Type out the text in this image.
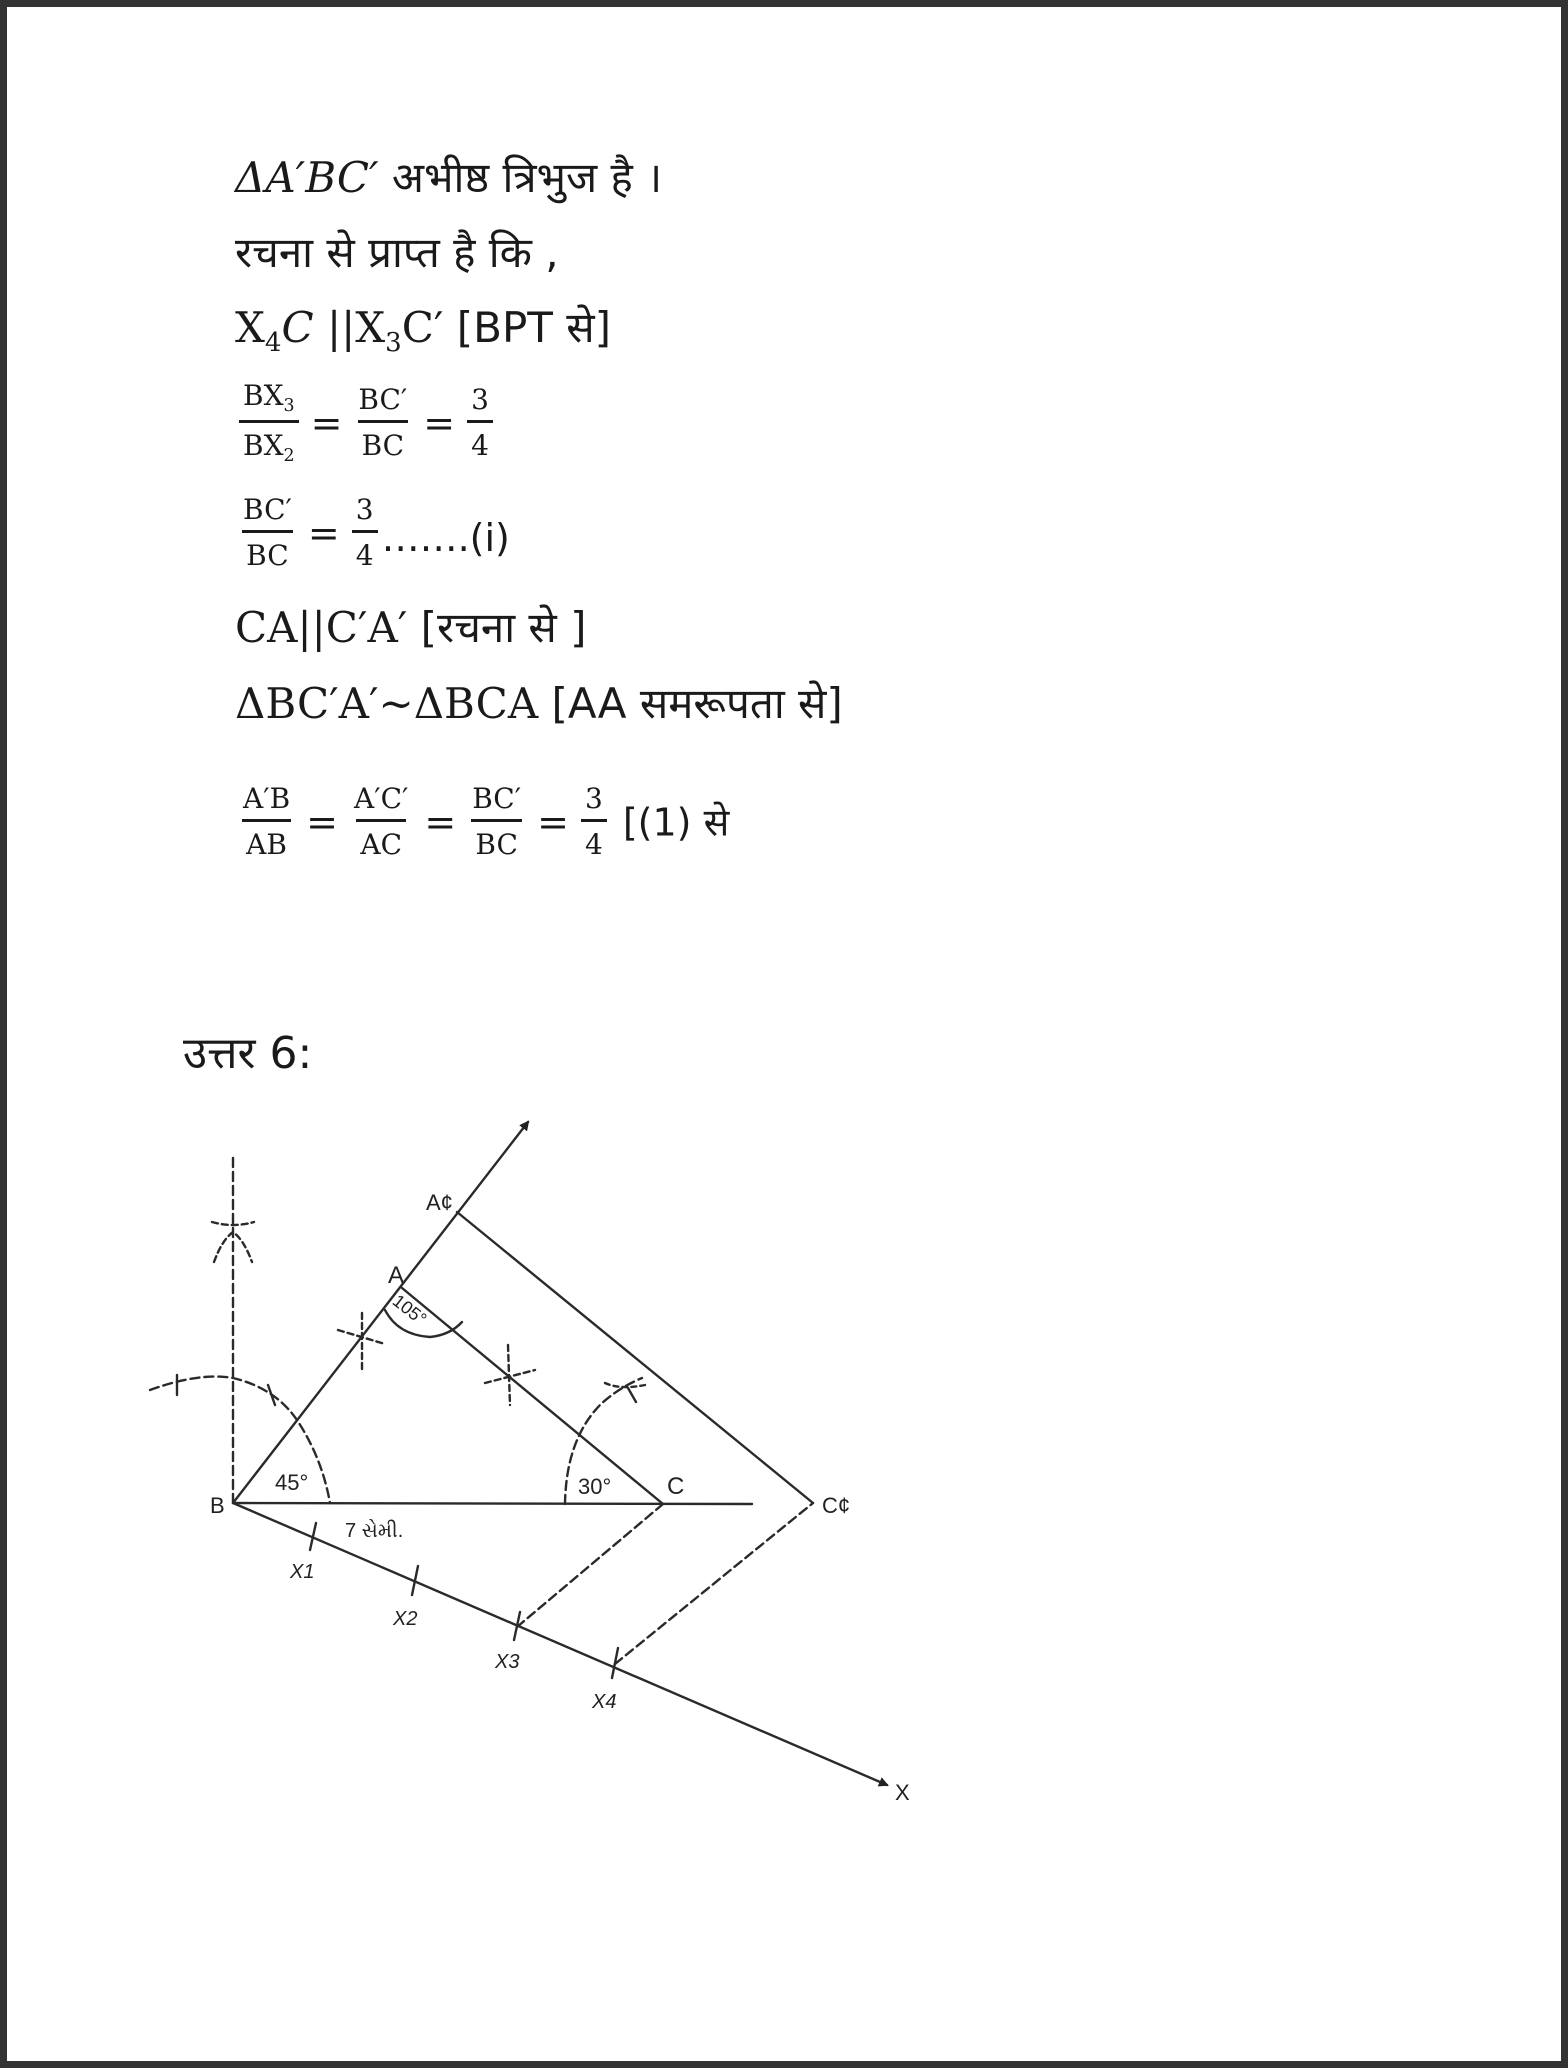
ΔA′BC′ अभीष्ठ त्रिभुज है ।
रचना से प्राप्त है कि ,
$X_4C$ $||X_3C'$ [BPT से]
$\frac{BX_3}{BX_2} = \frac{BC'}{BC} = \frac{3}{4}$
$\frac{BC'}{BC} = \frac{3}{4}$ …….(i)
CA||C′A′ [रचना से ]
ΔBC′A′~ΔBCA [AA समरूपता से]
$\frac{A'B}{AB} = \frac{A'C'}{AC} = \frac{BC'}{BC} = \frac{3}{4} [(1)$ से
उत्तर 6:
A
A¢
B
C
C¢
X
45°	30°
105°
7 સેમી.
X1
X2
X3
X4
